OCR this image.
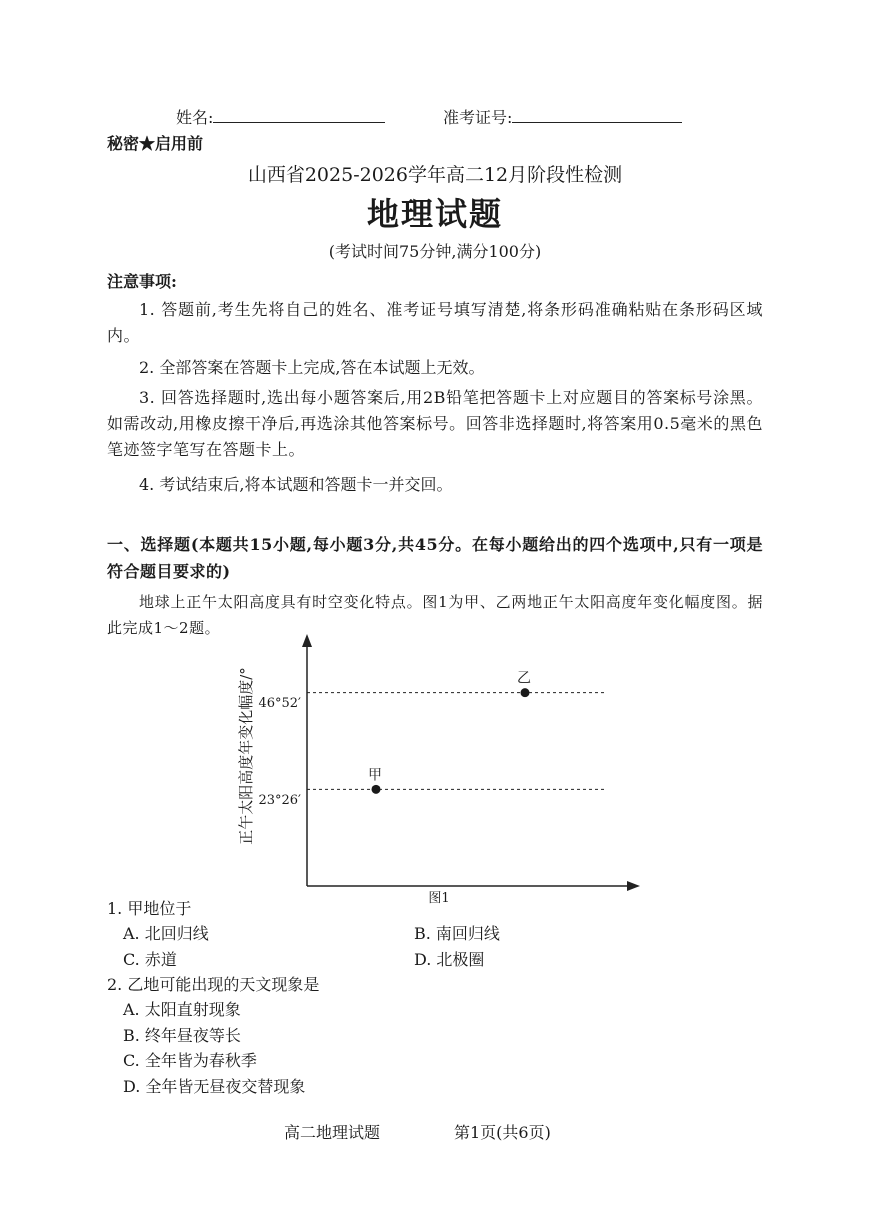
姓名:	准考证号:
秘密★启用前
山西省2025-2026学年高二12月阶段性检测
地理试题
(考试时间75分钟,满分100分)
注意事项:
1. 答题前,考生先将自己的姓名、准考证号填写清楚,将条形码准确粘贴在条形码区域内。
2. 全部答案在答题卡上完成,答在本试题上无效。
3. 回答选择题时,选出每小题答案后,用2B铅笔把答题卡上对应题目的答案标号涂黑。如需改动,用橡皮擦干净后,再选涂其他答案标号。回答非选择题时,将答案用0.5毫米的黑色笔迹签字笔写在答题卡上。
4. 考试结束后,将本试题和答题卡一并交回。
一、选择题(本题共15小题,每小题3分,共45分。在每小题给出的四个选项中,只有一项是符合题目要求的)
地球上正午太阳高度具有时空变化特点。图1为甲、乙两地正午太阳高度年变化幅度图。据此完成1～2题。
正午太阳高度年变化幅度/° 46°52′
23°26′
图1
甲
乙
1. 甲地位于
A. 北回归线	B. 南回归线
C. 赤道	D. 北极圈
2. 乙地可能出现的天文现象是
A. 太阳直射现象
B. 终年昼夜等长
C. 全年皆为春秋季
D. 全年皆无昼夜交替现象
高二地理试题	第1页(共6页)
